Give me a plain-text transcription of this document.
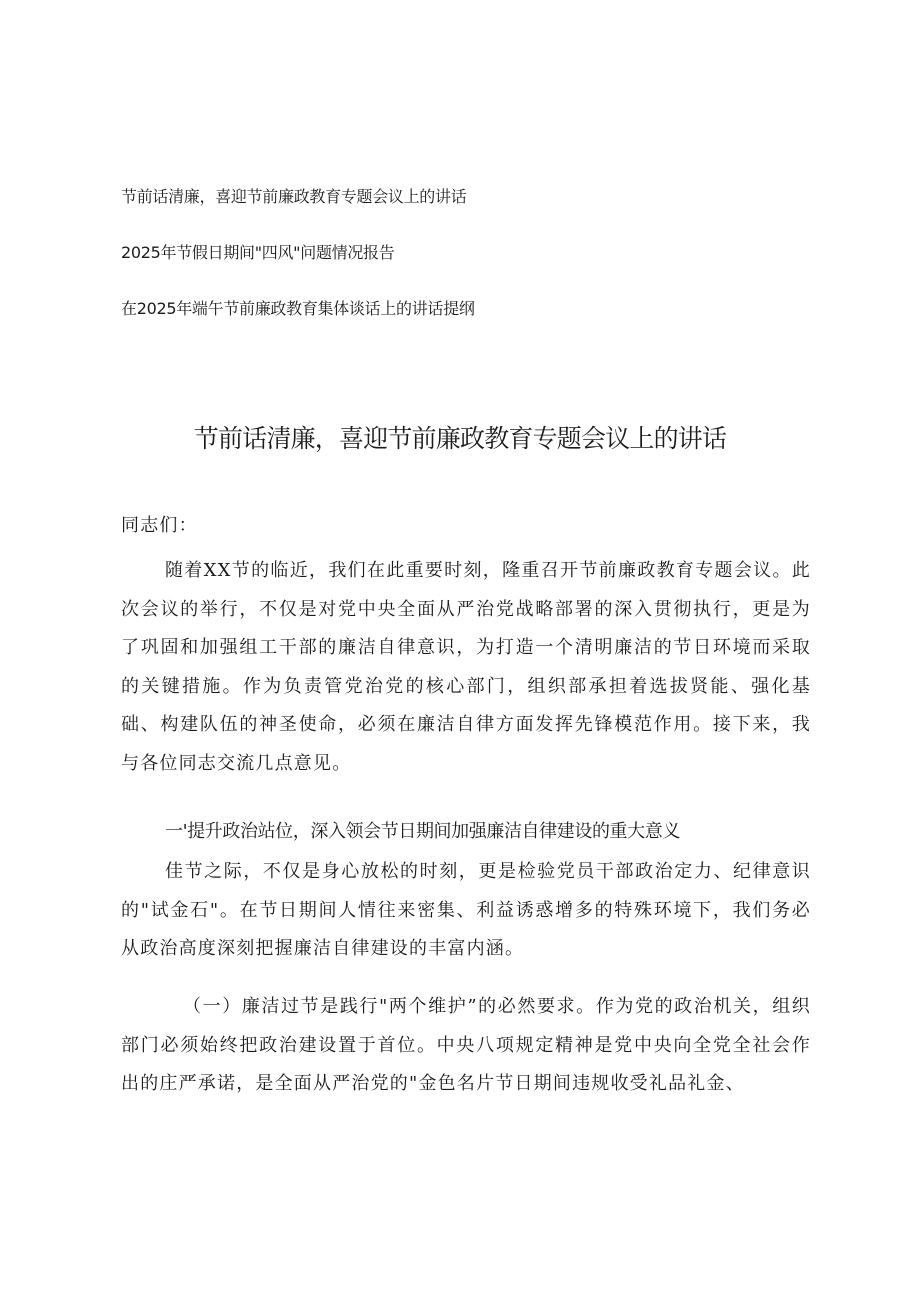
节前话清廉，喜迎节前廉政教育专题会议上的讲话
2025年节假日期间"四风"问题情况报告
在2025年端午节前廉政教育集体谈话上的讲话提纲
节前话清廉，喜迎节前廉政教育专题会议上的讲话
同志们：
随着XX节的临近，我们在此重要时刻，隆重召开节前廉政教育专题会议。此次会议的举行，不仅是对党中央全面从严治党战略部署的深入贯彻执行，更是为了巩固和加强组工干部的廉洁自律意识，为打造一个清明廉洁的节日环境而采取的关键措施。作为负责管党治党的核心部门，组织部承担着选拔贤能、强化基础、构建队伍的神圣使命，必须在廉洁自律方面发挥先锋模范作用。接下来，我与各位同志交流几点意见。
一'提升政治站位，深入领会节日期间加强廉洁自律建设的重大意义
佳节之际，不仅是身心放松的时刻，更是检验党员干部政治定力、纪律意识的"试金石"。在节日期间人情往来密集、利益诱惑增多的特殊环境下，我们务必从政治高度深刻把握廉洁自律建设的丰富内涵。
（一）廉洁过节是践行"两个维护”的必然要求。作为党的政治机关，组织部门必须始终把政治建设置于首位。中央八项规定精神是党中央向全党全社会作出的庄严承诺，是全面从严治党的"金色名片节日期间违规收受礼品礼金、
